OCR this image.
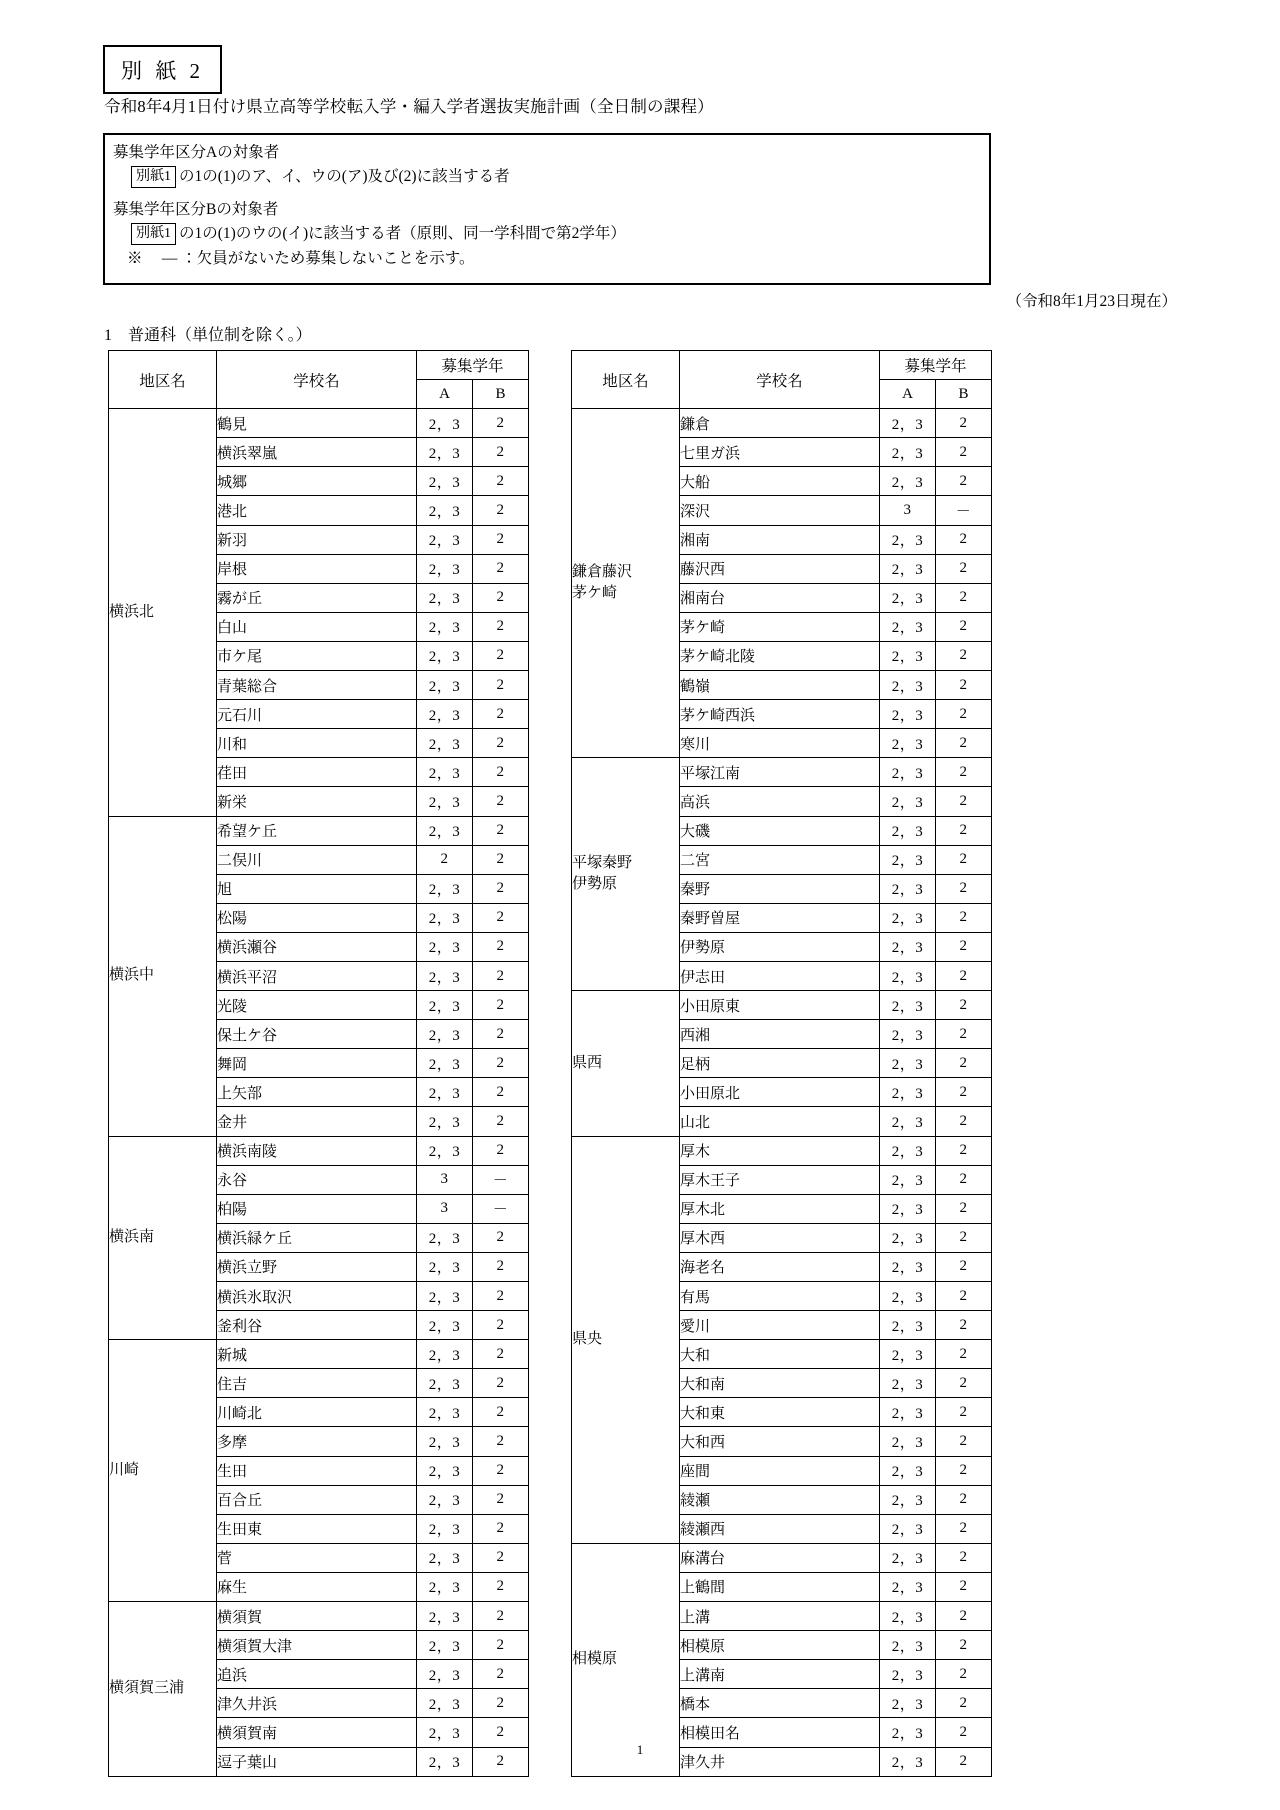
別 紙 2
令和8年4月1日付け県立高等学校転入学・編入学者選抜実施計画（全日制の課程）
募集学年区分Aの対象者
別紙1 の1の(1)のア、イ、ウの(ア)及び(2)に該当する者
募集学年区分Bの対象者
別紙1 の1の(1)のウの(イ)に該当する者（原則、同一学科間で第2学年）
※ 　― ：欠員がないため募集しないことを示す。
（令和8年1月23日現在）
1 普通科（単位制を除く。）
地区名	学校名	募集学年	
		A	B

横浜北	鶴見	2，3	2
	横浜翠嵐	2，3	2
	城郷	2，3	2
	港北	2，3	2
	新羽	2，3	2
	岸根	2，3	2
	霧が丘	2，3	2
	白山	2，3	2
	市ケ尾	2，3	2
	青葉総合	2，3	2
	元石川	2，3	2
	川和	2，3	2
	荏田	2，3	2
	新栄	2，3	2

横浜中	希望ケ丘	2，3	2
	二俣川	2	2
	旭	2，3	2
	松陽	2，3	2
	横浜瀬谷	2，3	2
	横浜平沼	2，3	2
	光陵	2，3	2
	保土ケ谷	2，3	2
	舞岡	2，3	2
	上矢部	2，3	2
	金井	2，3	2

横浜南	横浜南陵	2，3	2
	永谷	3	－
	柏陽	3	－
	横浜緑ケ丘	2，3	2
	横浜立野	2，3	2
	横浜氷取沢	2，3	2
	釜利谷	2，3	2

川崎	新城	2，3	2
	住吉	2，3	2
	川崎北	2，3	2
	多摩	2，3	2
	生田	2，3	2
	百合丘	2，3	2
	生田東	2，3	2
	菅	2，3	2
	麻生	2，3	2

横須賀三浦	横須賀	2，3	2
	横須賀大津	2，3	2
	追浜	2，3	2
	津久井浜	2，3	2
	横須賀南	2，3	2
	逗子葉山	2，3	2
地区名	学校名	募集学年	
		A	B

鎌倉藤沢
茅ケ崎	鎌倉	2，3	2
	七里ガ浜	2，3	2
	大船	2，3	2
	深沢	3	－
	湘南	2，3	2
	藤沢西	2，3	2
	湘南台	2，3	2
	茅ケ崎	2，3	2
	茅ケ崎北陵	2，3	2
	鶴嶺	2，3	2
	茅ケ崎西浜	2，3	2
	寒川	2，3	2

平塚秦野
伊勢原	平塚江南	2，3	2
	高浜	2，3	2
	大磯	2，3	2
	二宮	2，3	2
	秦野	2，3	2
	秦野曽屋	2，3	2
	伊勢原	2，3	2
	伊志田	2，3	2

県西	小田原東	2，3	2
	西湘	2，3	2
	足柄	2，3	2
	小田原北	2，3	2
	山北	2，3	2

県央	厚木	2，3	2
	厚木王子	2，3	2
	厚木北	2，3	2
	厚木西	2，3	2
	海老名	2，3	2
	有馬	2，3	2
	愛川	2，3	2
	大和	2，3	2
	大和南	2，3	2
	大和東	2，3	2
	大和西	2，3	2
	座間	2，3	2
	綾瀬	2，3	2
	綾瀬西	2，3	2

相模原	麻溝台	2，3	2
	上鶴間	2，3	2
	上溝	2，3	2
	相模原	2，3	2
	上溝南	2，3	2
	橋本	2，3	2
	相模田名	2，3	2
	津久井	2，3	2
1
